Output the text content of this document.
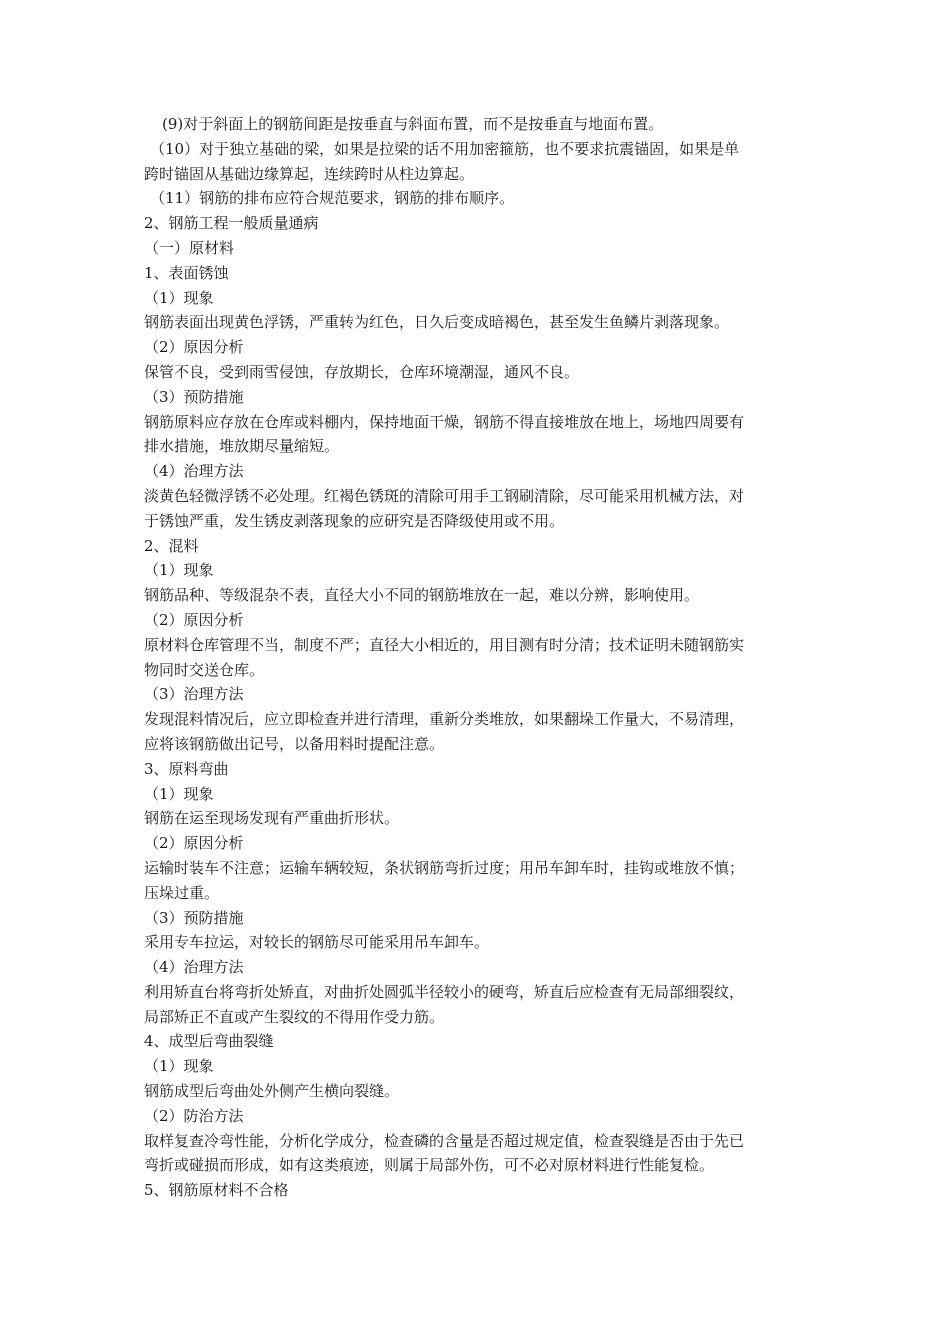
(9)对于斜面上的钢筋间距是按垂直与斜面布置，而不是按垂直与地面布置。

（10）对于独立基础的梁，如果是拉梁的话不用加密箍筋，也不要求抗震锚固，如果是单

跨时锚固从基础边缘算起，连续跨时从柱边算起。

（11）钢筋的排布应符合规范要求，钢筋的排布顺序。

2、钢筋工程一般质量通病

（一）原材料

1、表面锈蚀

（1）现象

钢筋表面出现黄色浮锈，严重转为红色，日久后变成暗褐色，甚至发生鱼鳞片剥落现象。

（2）原因分析

保管不良，受到雨雪侵蚀，存放期长，仓库环境潮湿，通风不良。

（3）预防措施

钢筋原料应存放在仓库或料棚内，保持地面干燥，钢筋不得直接堆放在地上，场地四周要有

排水措施，堆放期尽量缩短。

（4）治理方法

淡黄色轻微浮锈不必处理。红褐色锈斑的清除可用手工钢刷清除，尽可能采用机械方法，对

于锈蚀严重，发生锈皮剥落现象的应研究是否降级使用或不用。

2、混料

（1）现象

钢筋品种、等级混杂不表，直径大小不同的钢筋堆放在一起，难以分辨，影响使用。

（2）原因分析

原材料仓库管理不当，制度不严；直径大小相近的，用目测有时分清；技术证明未随钢筋实

物同时交送仓库。

（3）治理方法

发现混料情况后，应立即检查并进行清理，重新分类堆放，如果翻垛工作量大，不易清理，

应将该钢筋做出记号，以备用料时提配注意。

3、原料弯曲

（1）现象

钢筋在运至现场发现有严重曲折形状。

（2）原因分析

运输时装车不注意；运输车辆较短，条状钢筋弯折过度；用吊车卸车时，挂钩或堆放不慎；

压垛过重。

（3）预防措施

采用专车拉运，对较长的钢筋尽可能采用吊车卸车。

（4）治理方法

利用矫直台将弯折处矫直，对曲折处圆弧半径较小的硬弯，矫直后应检查有无局部细裂纹，

局部矫正不直或产生裂纹的不得用作受力筋。

4、成型后弯曲裂缝

（1）现象

钢筋成型后弯曲处外侧产生横向裂缝。

（2）防治方法

取样复查冷弯性能，分析化学成分，检查磷的含量是否超过规定值，检查裂缝是否由于先已

弯折或碰损而形成，如有这类痕迹，则属于局部外伤，可不必对原材料进行性能复检。

5、钢筋原材料不合格
